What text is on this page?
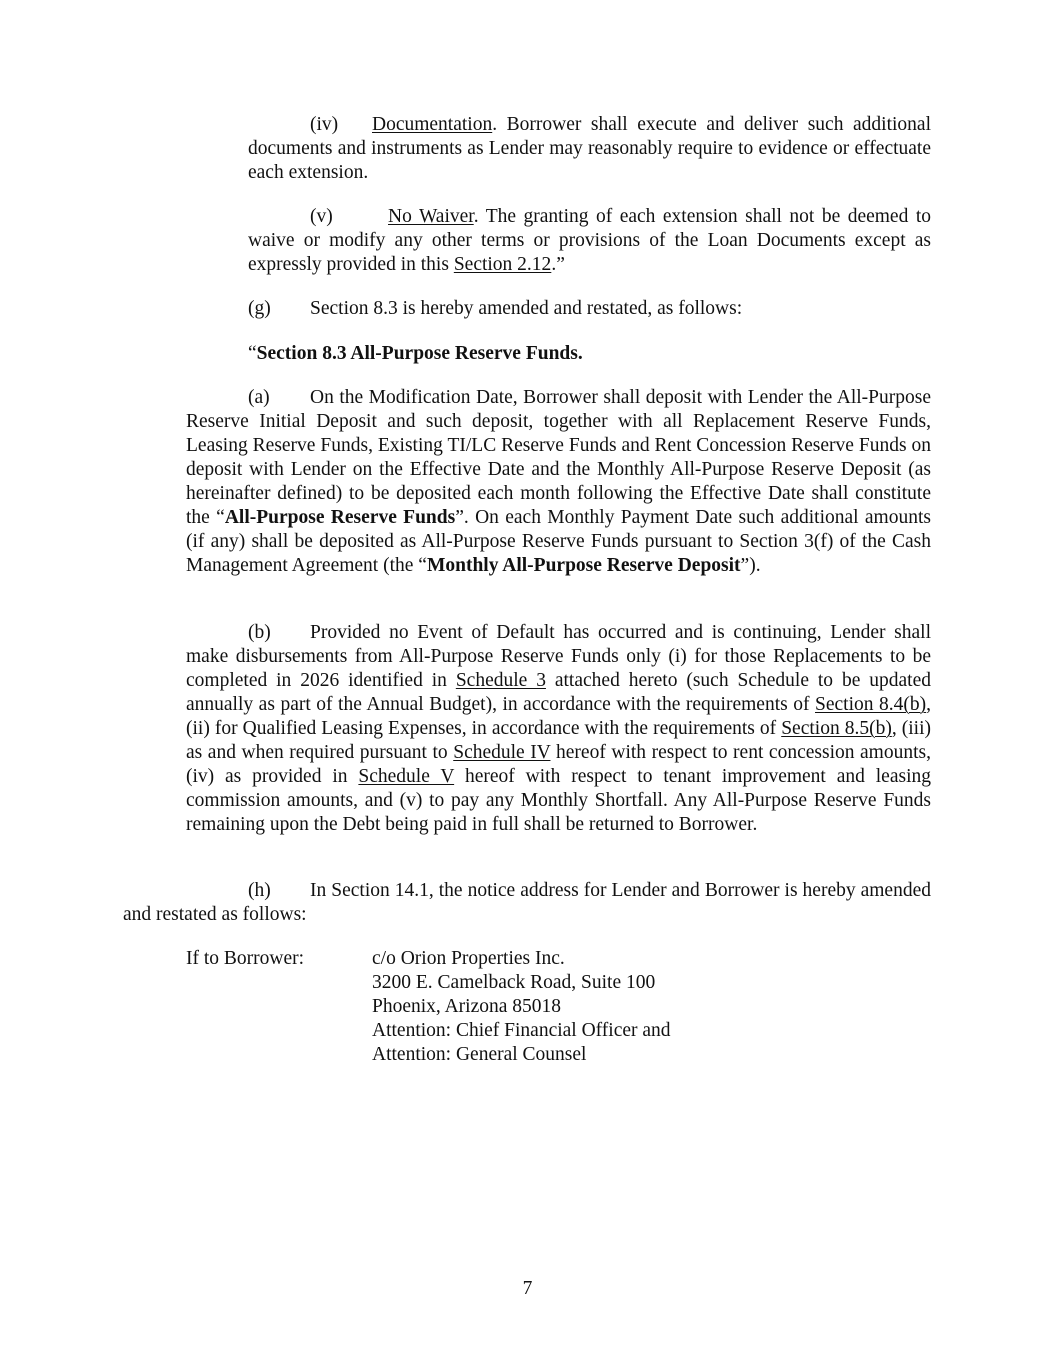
(iv) Documentation. Borrower shall execute and deliver such additional documents and instruments as Lender may reasonably require to evidence or effectuate each extension.

(v)	No Waiver. The granting of each extension shall not be deemed to waive or modify any other terms or provisions of the Loan Documents except as expressly provided in this Section 2.12.”

(g) Section 8.3 is hereby amended and restated, as follows:

“Section 8.3 All-Purpose Reserve Funds.

(a) On the Modification Date, Borrower shall deposit with Lender the All-Purpose Reserve Initial Deposit and such deposit, together with all Replacement Reserve Funds, Leasing Reserve Funds, Existing TI/LC Reserve Funds and Rent Concession Reserve Funds on deposit with Lender on the Effective Date and the Monthly All-Purpose Reserve Deposit (as hereinafter defined) to be deposited each month following the Effective Date shall constitute the “All-Purpose Reserve Funds”. On each Monthly Payment Date such additional amounts (if any) shall be deposited as All-Purpose Reserve Funds pursuant to Section 3(f) of the Cash Management Agreement (the “Monthly All-Purpose Reserve Deposit”).

(b) Provided no Event of Default has occurred and is continuing, Lender shall make disbursements from All-Purpose Reserve Funds only (i) for those Replacements to be completed in 2026 identified in Schedule 3 attached hereto (such Schedule to be updated annually as part of the Annual Budget), in accordance with the requirements of Section 8.4(b), (ii) for Qualified Leasing Expenses, in accordance with the requirements of Section 8.5(b), (iii) as and when required pursuant to Schedule IV hereof with respect to rent concession amounts, (iv) as provided in Schedule V hereof with respect to tenant improvement and leasing commission amounts, and (v) to pay any Monthly Shortfall. Any All-Purpose Reserve Funds remaining upon the Debt being paid in full shall be returned to Borrower.

(h) In Section 14.1, the notice address for Lender and Borrower is hereby amended and restated as follows:

If to Borrower:	c/o Orion Properties Inc.
3200 E. Camelback Road, Suite 100
Phoenix, Arizona 85018
Attention: Chief Financial Officer and
Attention: General Counsel
7
